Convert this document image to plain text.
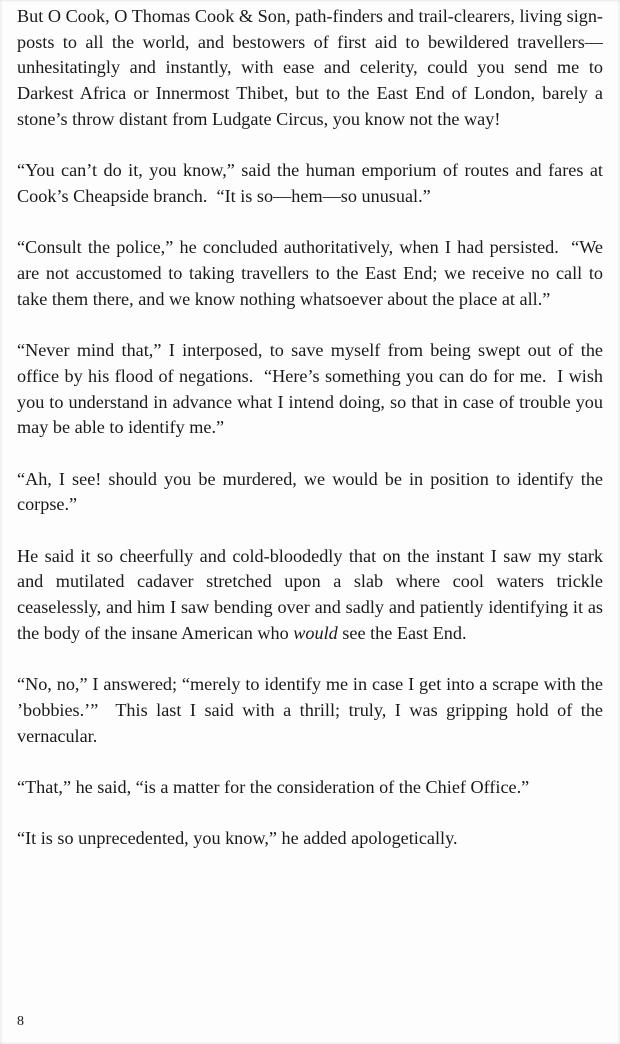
But O Cook, O Thomas Cook & Son, path-finders and trail-clearers, living sign-posts to all the world, and bestowers of first aid to bewildered travellers—unhesitatingly and instantly, with ease and celerity, could you send me to Darkest Africa or Innermost Thibet, but to the East End of London, barely a stone’s throw distant from Ludgate Circus, you know not the way!

“You can’t do it, you know,” said the human emporium of routes and fares at Cook’s Cheapside branch.  “It is so—hem—so unusual.”

“Consult the police,” he concluded authoritatively, when I had persisted.  “We are not accustomed to taking travellers to the East End; we receive no call to take them there, and we know nothing whatsoever about the place at all.”

“Never mind that,” I interposed, to save myself from being swept out of the office by his flood of negations.  “Here’s something you can do for me.  I wish you to understand in advance what I intend doing, so that in case of trouble you may be able to identify me.”

“Ah, I see! should you be murdered, we would be in position to identify the corpse.”

He said it so cheerfully and cold-bloodedly that on the instant I saw my stark and mutilated cadaver stretched upon a slab where cool waters trickle ceaselessly, and him I saw bending over and sadly and patiently identifying it as the body of the insane American who would see the East End.

“No, no,” I answered; “merely to identify me in case I get into a scrape with the ’bobbies.’”  This last I said with a thrill; truly, I was gripping hold of the vernacular.

“That,” he said, “is a matter for the consideration of the Chief Office.”

“It is so unprecedented, you know,” he added apologetically.

8
